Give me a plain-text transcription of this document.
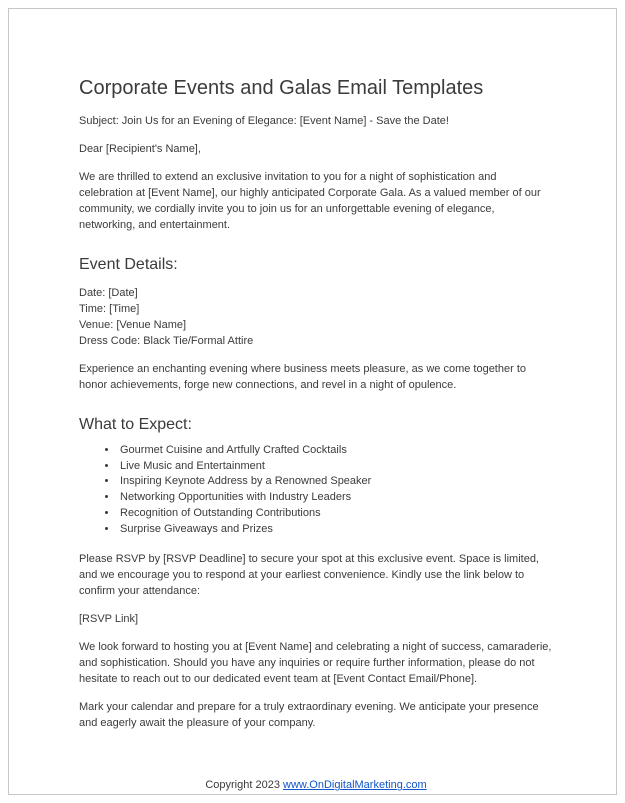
Corporate Events and Galas Email Templates

Subject: Join Us for an Evening of Elegance: [Event Name] - Save the Date!

Dear [Recipient's Name],

We are thrilled to extend an exclusive invitation to you for a night of sophistication and celebration at [Event Name], our highly anticipated Corporate Gala. As a valued member of our community, we cordially invite you to join us for an unforgettable evening of elegance, networking, and entertainment.

Event Details:
Date: [Date]
Time: [Time]
Venue: [Venue Name]
Dress Code: Black Tie/Formal Attire

Experience an enchanting evening where business meets pleasure, as we come together to honor achievements, forge new connections, and revel in a night of opulence.

What to Expect:
• Gourmet Cuisine and Artfully Crafted Cocktails
• Live Music and Entertainment
• Inspiring Keynote Address by a Renowned Speaker
• Networking Opportunities with Industry Leaders
• Recognition of Outstanding Contributions
• Surprise Giveaways and Prizes

Please RSVP by [RSVP Deadline] to secure your spot at this exclusive event. Space is limited, and we encourage you to respond at your earliest convenience. Kindly use the link below to confirm your attendance:

[RSVP Link]

We look forward to hosting you at [Event Name] and celebrating a night of success, camaraderie, and sophistication. Should you have any inquiries or require further information, please do not hesitate to reach out to our dedicated event team at [Event Contact Email/Phone].

Mark your calendar and prepare for a truly extraordinary evening. We anticipate your presence and eagerly await the pleasure of your company.

Copyright 2023 www.OnDigitalMarketing.com
